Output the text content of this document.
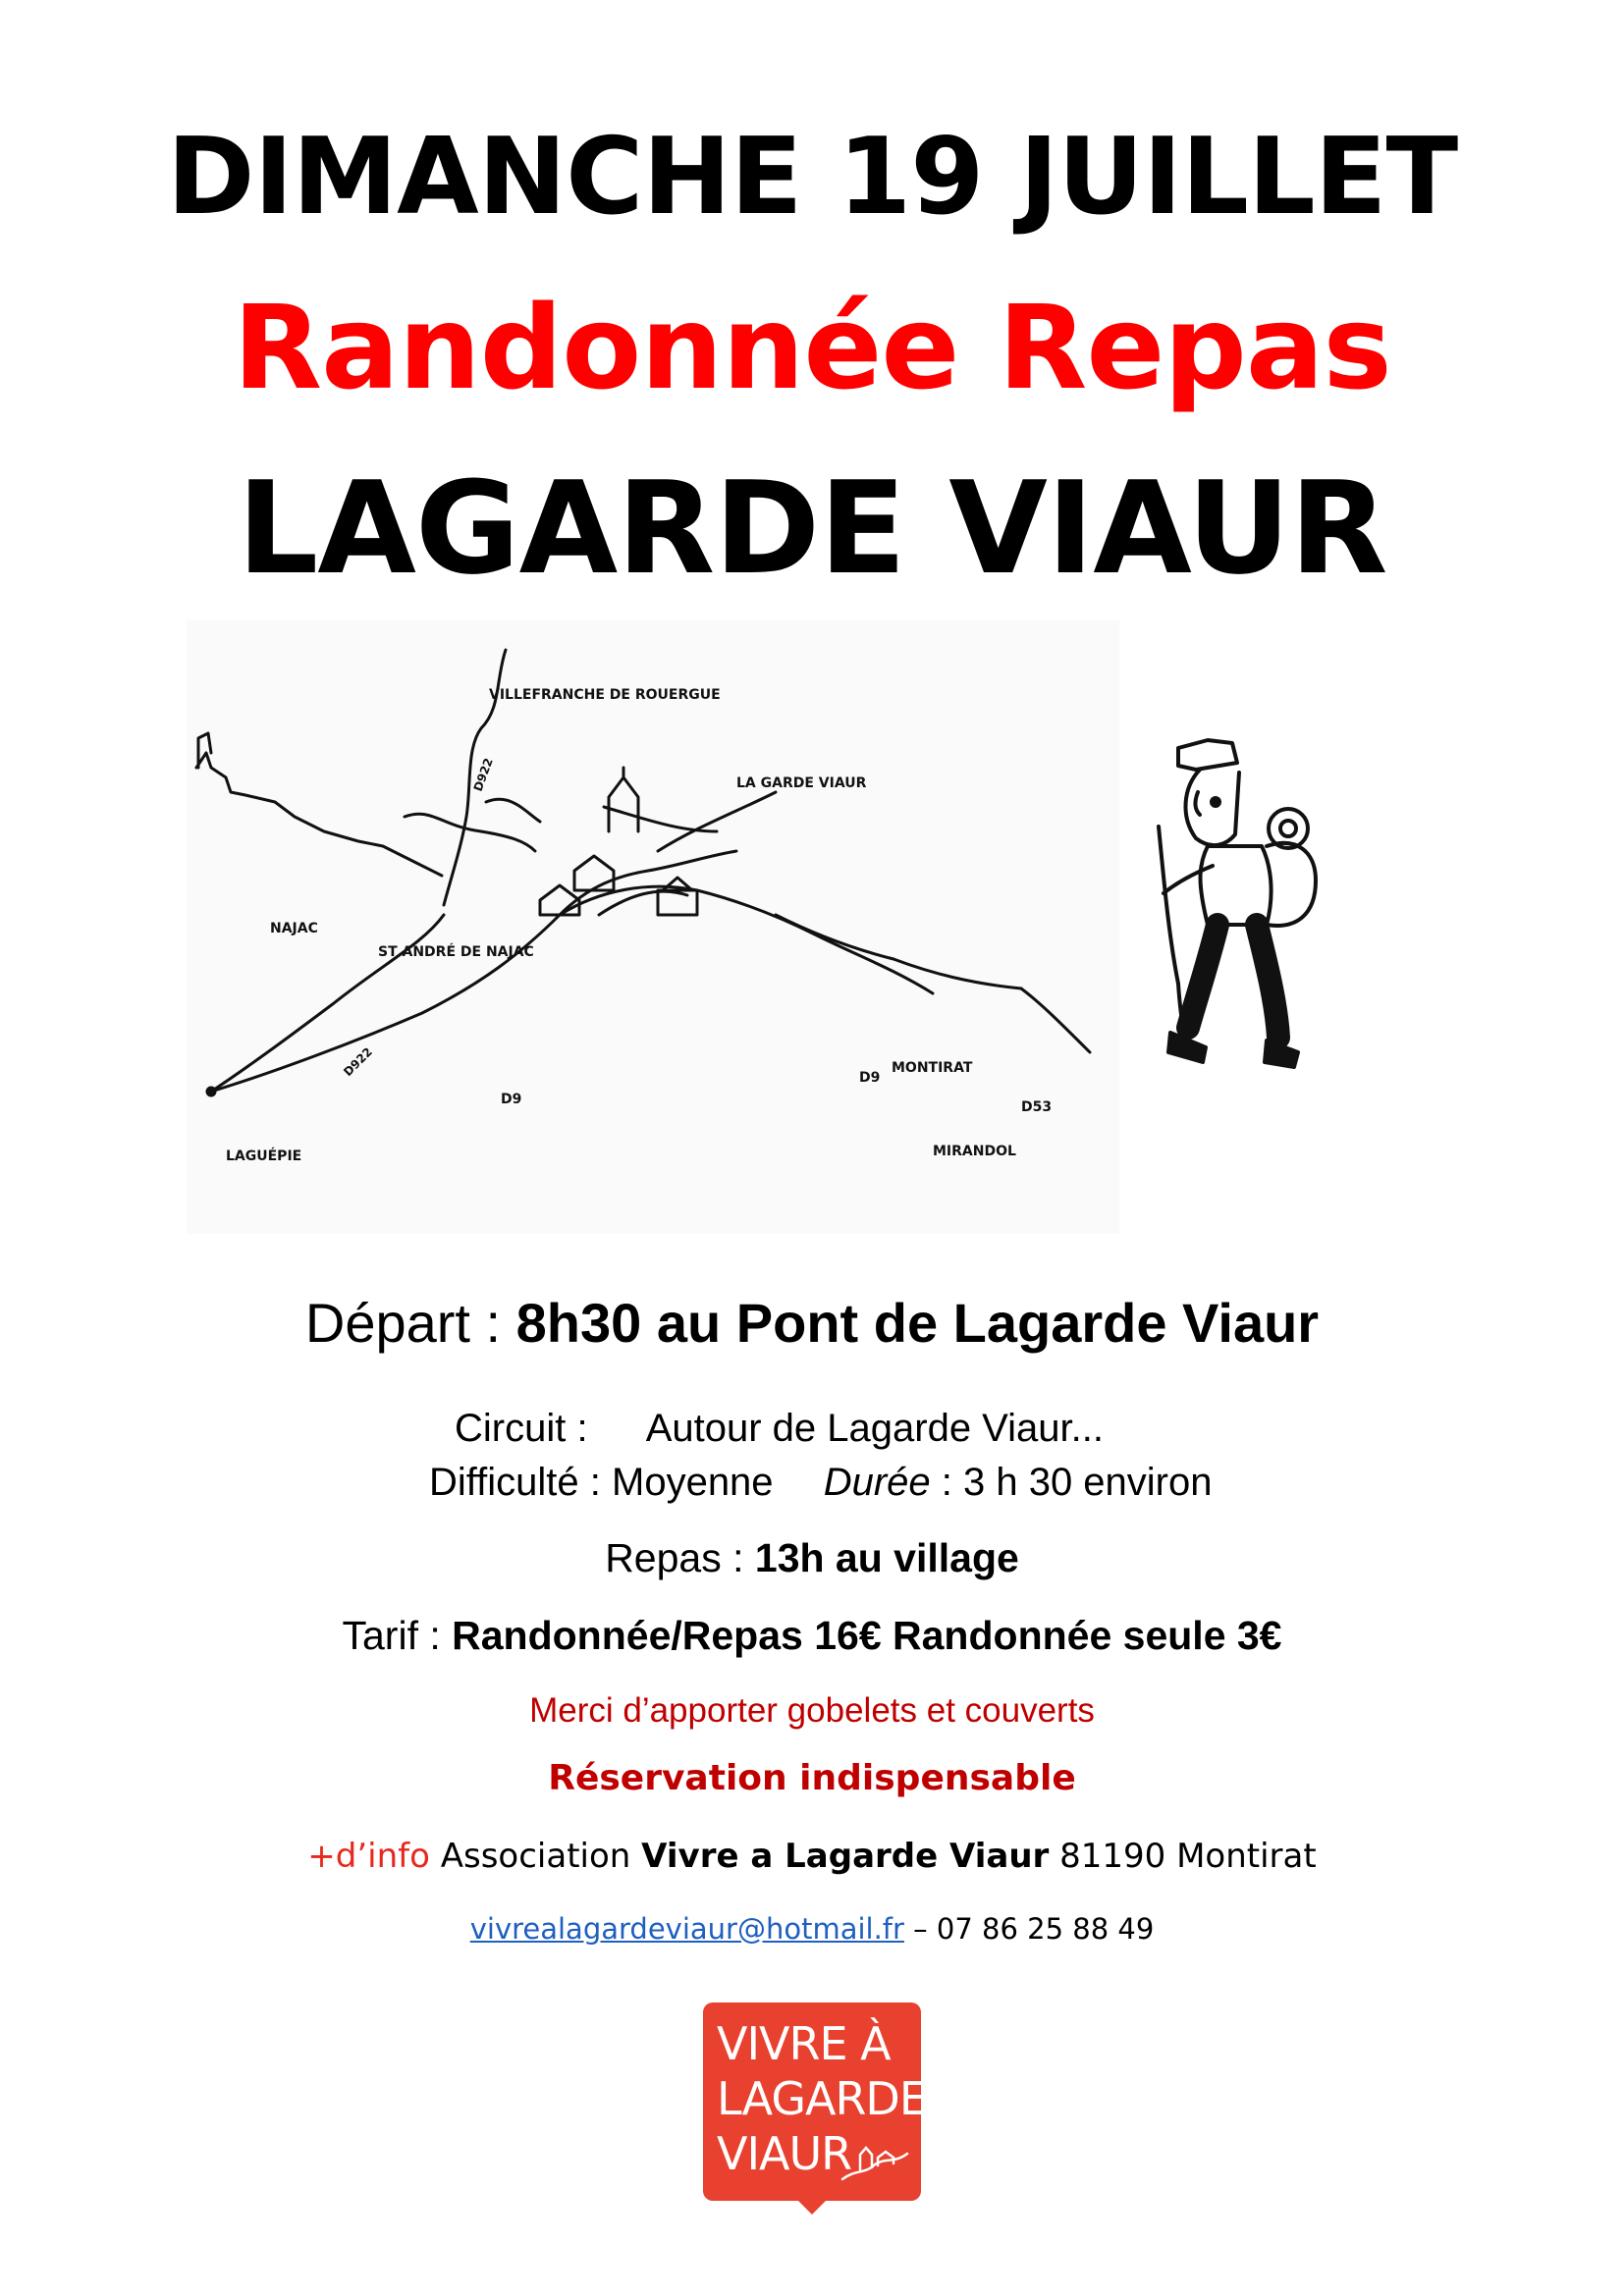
DIMANCHE 19 JUILLET
Randonnée Repas
LAGARDE VIAUR
VILLEFRANCHE DE ROUERGUE
D922	LA GARDE VIAUR
NAJAC
ST ANDRÉ DE NAJAC
D922
D9
D9
MONTIRAT
D53
MIRANDOL
LAGUÉPIE
Départ : 8h30 au Pont de Lagarde Viaur
Circuit : Autour de Lagarde Viaur...
Difficulté : Moyenne Durée : 3 h 30 environ
Repas : 13h au village
Tarif : Randonnée/Repas 16€ Randonnée seule 3€
Merci d’apporter gobelets et couverts
Réservation indispensable
+d’info Association Vivre a Lagarde Viaur 81190 Montirat
vivrealagardeviaur@hotmail.fr – 07 86 25 88 49
VIVRE À
LAGARDE
VIAUR
